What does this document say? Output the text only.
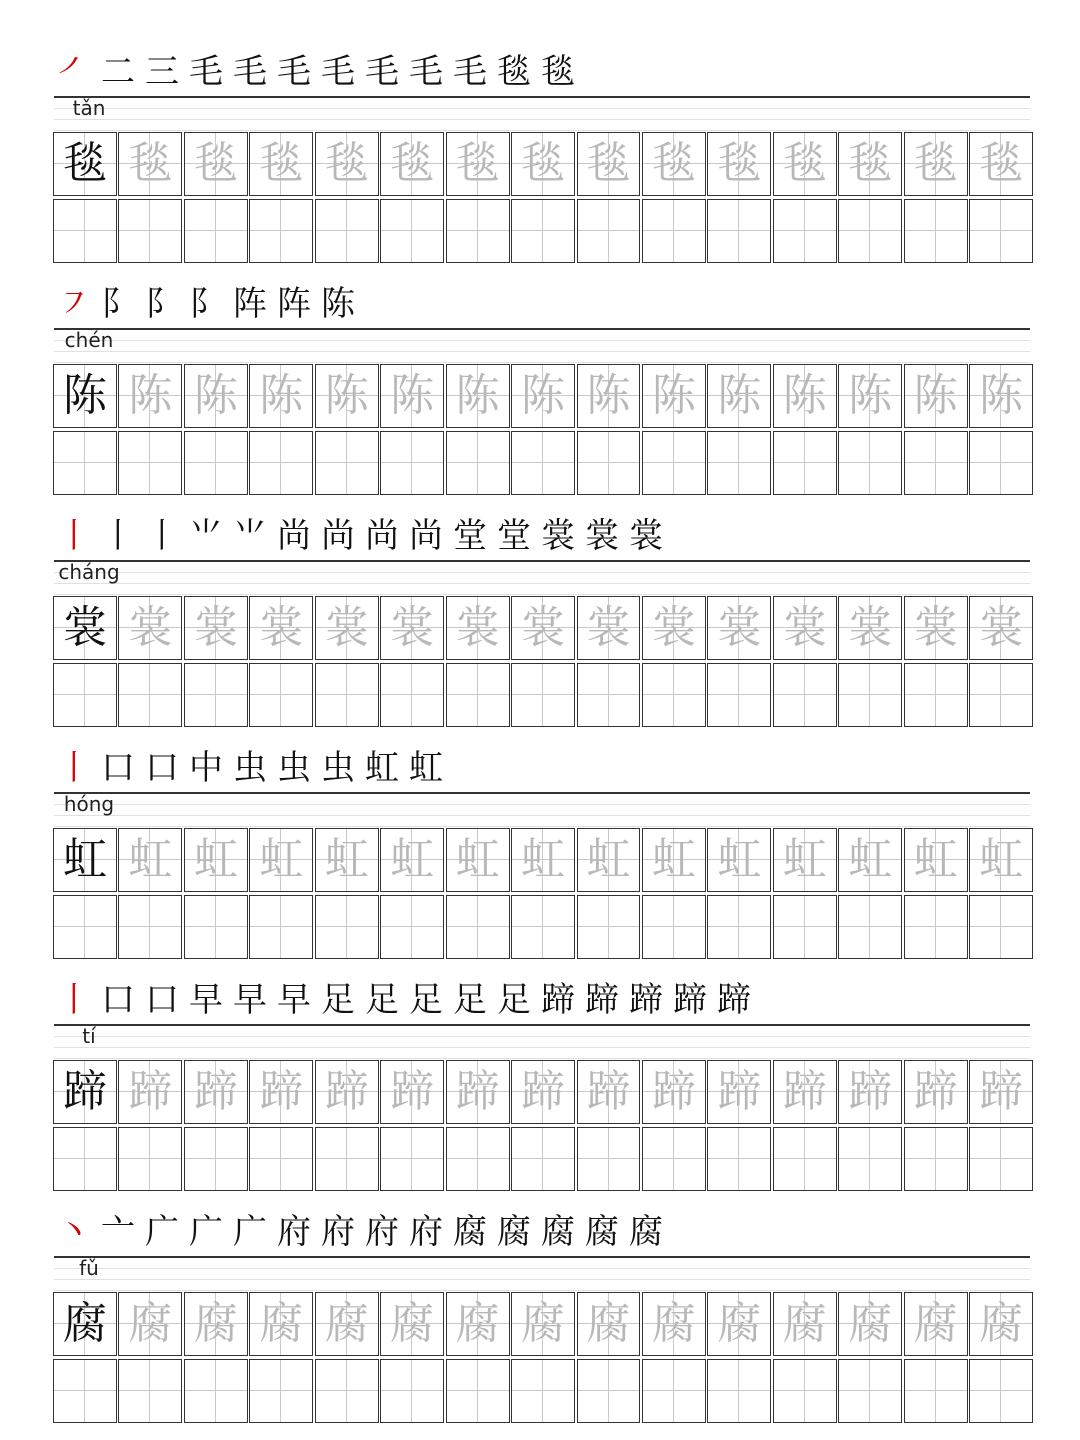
㇒ 二 三 毛 毛 毛 毛 毛 毛 毛 毯 毯
tǎn
毯 毯 毯 毯 毯 毯 毯 毯 毯 毯 毯 毯 毯 毯 毯
㇇ 阝 阝 阝 阵 阵 陈
chén
陈 陈 陈 陈 陈 陈 陈 陈 陈 陈 陈 陈 陈 陈 陈
丨 丨 丨 ⺌ ⺌ 尚 尚 尚 尚 堂 堂 裳 裳 裳
cháng
裳 裳 裳 裳 裳 裳 裳 裳 裳 裳 裳 裳 裳 裳 裳
丨 口 口 中 虫 虫 虫 虹 虹
hóng
虹 虹 虹 虹 虹 虹 虹 虹 虹 虹 虹 虹 虹 虹 虹
丨 口 口 早 早 早 足 足 足 足 足 蹄 蹄 蹄 蹄 蹄
tí
蹄 蹄 蹄 蹄 蹄 蹄 蹄 蹄 蹄 蹄 蹄 蹄 蹄 蹄 蹄
丶 亠 广 广 广 府 府 府 府 腐 腐 腐 腐 腐
fǔ
腐 腐 腐 腐 腐 腐 腐 腐 腐 腐 腐 腐 腐 腐 腐
